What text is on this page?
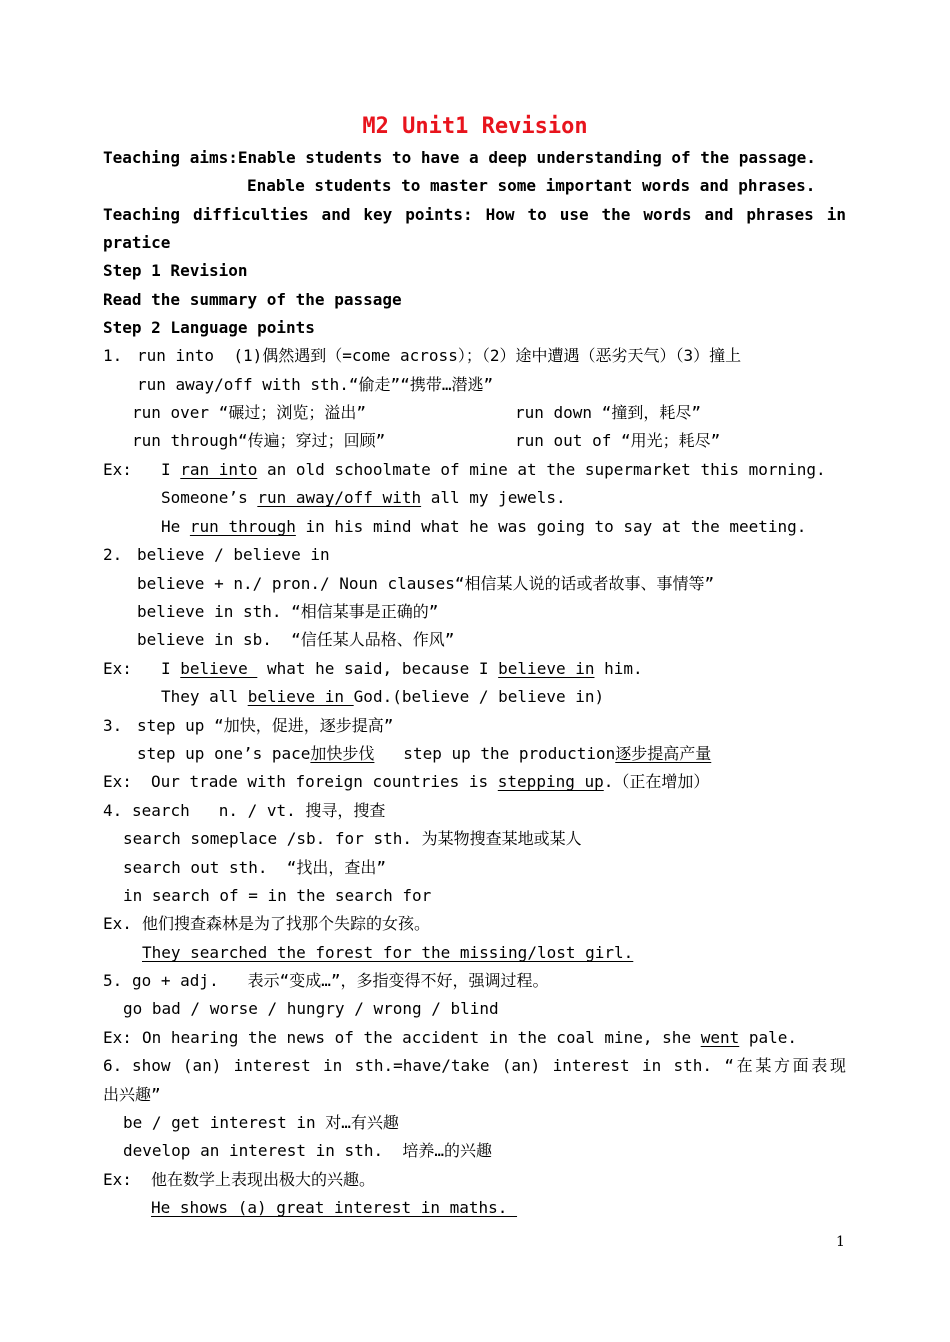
M2 Unit1 Revision
Teaching aims:Enable students to have a deep understanding of the passage.
Enable students to master some important words and phrases.
Teaching difficulties and key points: How to use the words and phrases in
pratice
Step 1 Revision
Read the summary of the passage
Step 2 Language points
1. run into  (1)偶然遇到（=come across）；（2）途中遭遇（恶劣天气）（3）撞上
run away/off with sth.“偷走”“携带…潜逃”
run over “碾过；浏览；溢出”	run down “撞到，耗尽”
run through“传遍；穿过；回顾”	run out of “用光；耗尽”
Ex: I ran into an old schoolmate of mine at the supermarket this morning.
Someone’s run away/off with all my jewels.
He run through in his mind what he was going to say at the meeting.
2. believe / believe in
believe + n./ pron./ Noun clauses“相信某人说的话或者故事、事情等”
believe in sth. “相信某事是正确的”
believe in sb.  “信任某人品格、作风”
Ex: I believe  what he said, because I believe in him.
They all believe in God.(believe / believe in)
3. step up “加快，促进，逐步提高”
step up one’s pace加快步伐   step up the production逐步提高产量
Ex: Our trade with foreign countries is stepping up.（正在增加）
4. search   n. / vt. 搜寻，搜查
search someplace /sb. for sth. 为某物搜查某地或某人
search out sth.  “找出，查出”
in search of = in the search for
Ex. 他们搜查森林是为了找那个失踪的女孩。
They searched the forest for the missing/lost girl.
5. go + adj.   表示“变成…”，多指变得不好，强调过程。
go bad / worse / hungry / wrong / blind
Ex: On hearing the news of the accident in the coal mine, she went pale.
6. show (an) interest in sth.=have/take (an) interest in sth. “在某方面表现
出兴趣”
be / get interest in 对…有兴趣
develop an interest in sth.  培养…的兴趣
Ex: 他在数学上表现出极大的兴趣。
He shows (a) great interest in maths.
1
